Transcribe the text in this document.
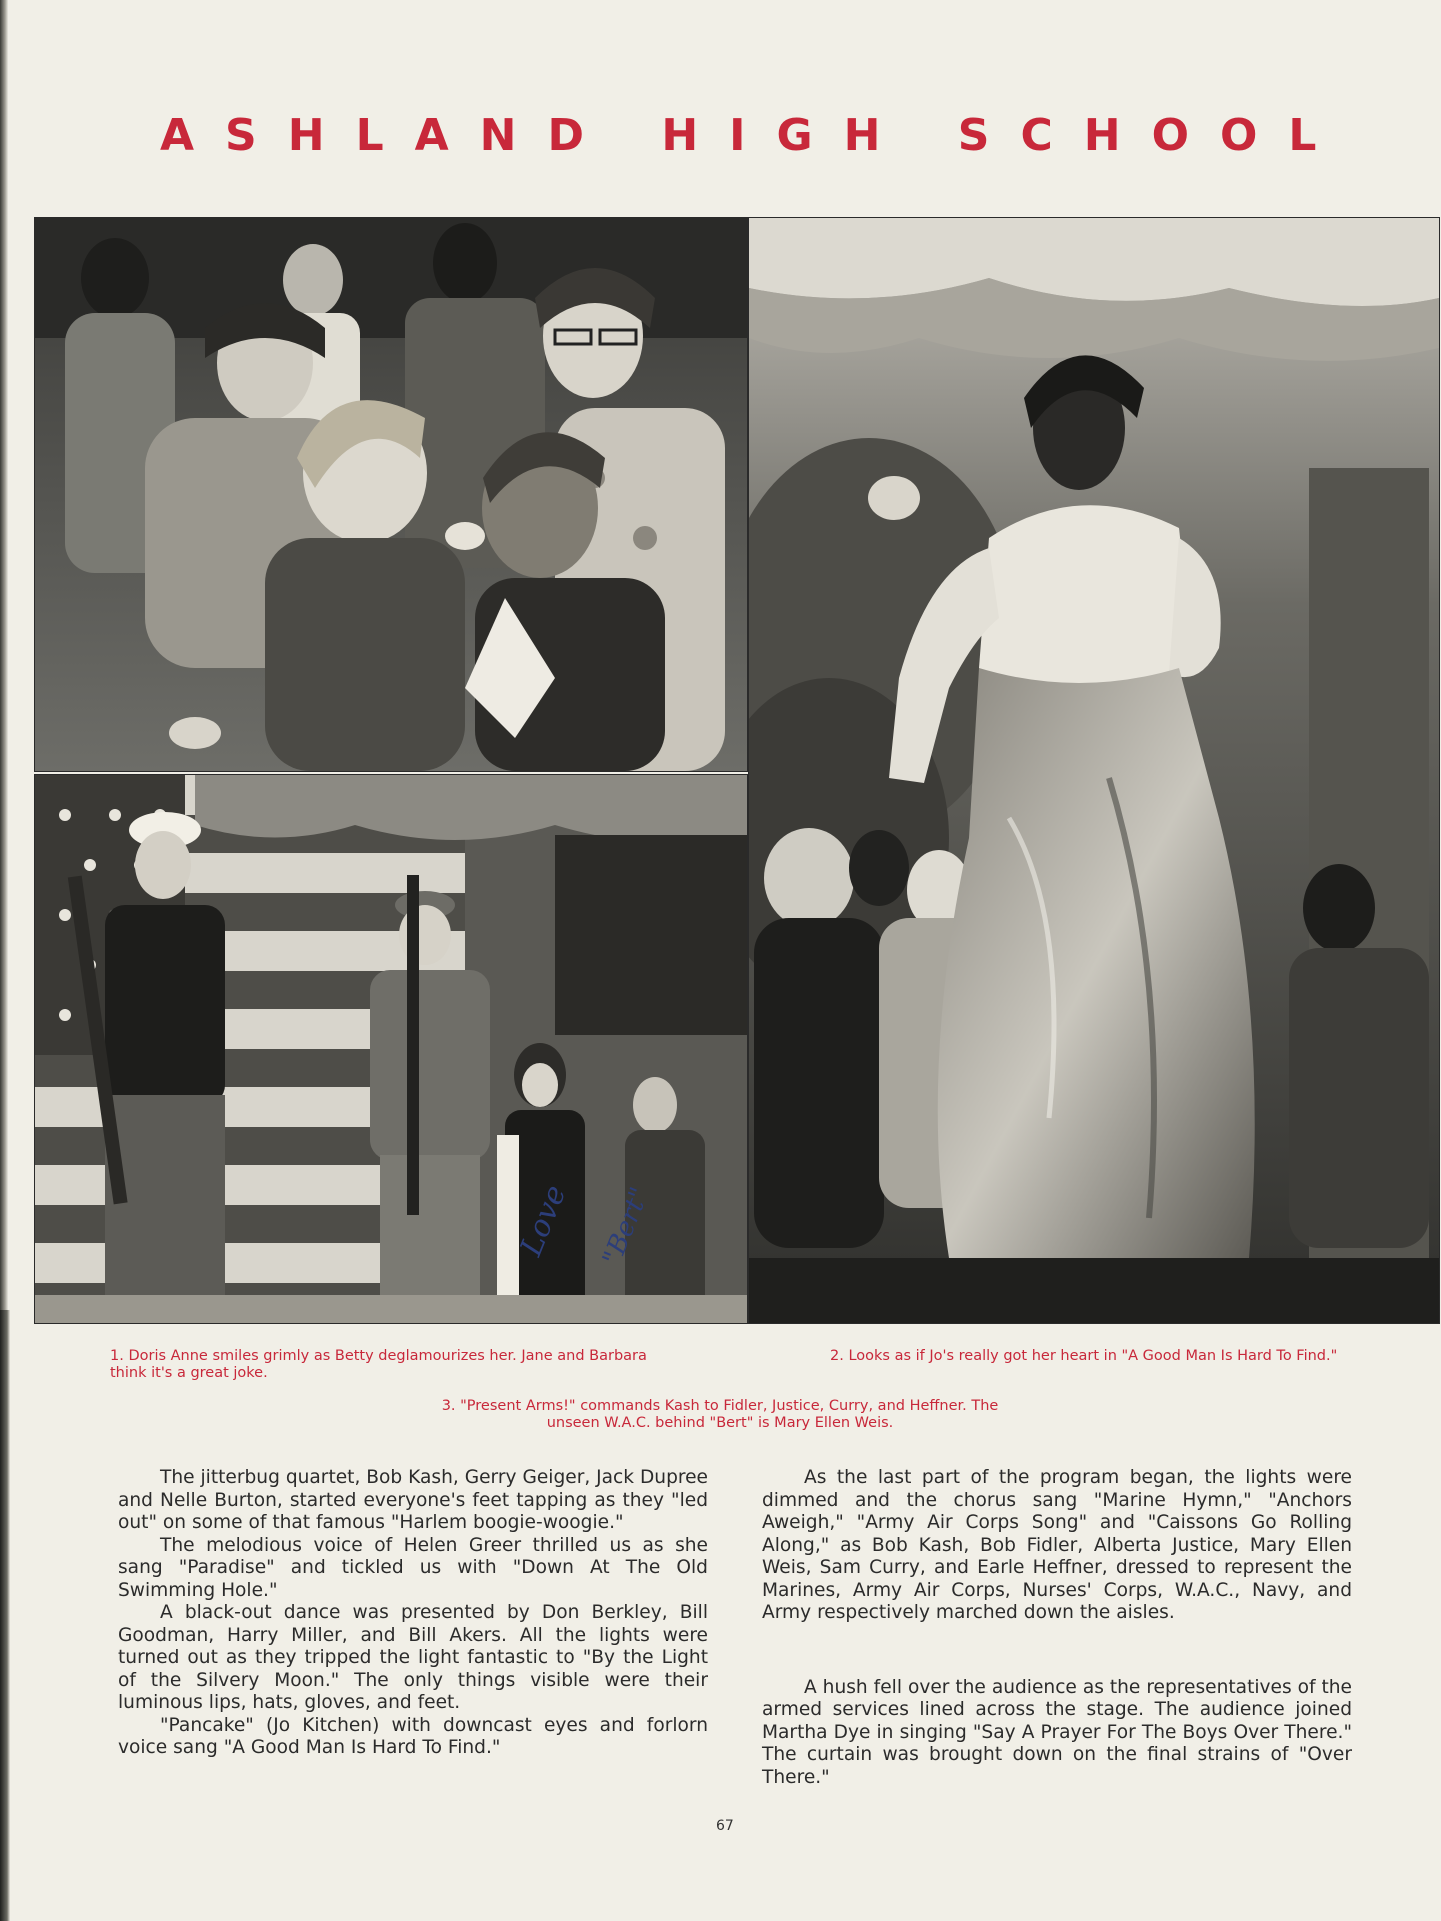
ASHLAND HIGH SCHOOL
Love "Bert"
1. Doris Anne smiles grimly as Betty deglamourizes her. Jane and Barbara think it's a great joke.
2. Looks as if Jo's really got her heart in "A Good Man Is Hard To Find."
3. "Present Arms!" commands Kash to Fidler, Justice, Curry, and Heffner. The unseen W.A.C. behind "Bert" is Mary Ellen Weis.

The jitterbug quartet, Bob Kash, Gerry Geiger, Jack Dupree and Nelle Burton, started everyone's feet tapping as they "led out" on some of that famous "Harlem boogie-woogie."

The melodious voice of Helen Greer thrilled us as she sang "Paradise" and tickled us with "Down At The Old Swimming Hole."

A black-out dance was presented by Don Berkley, Bill Goodman, Harry Miller, and Bill Akers. All the lights were turned out as they tripped the light fantastic to "By the Light of the Silvery Moon." The only things visible were their luminous lips, hats, gloves, and feet.

"Pancake" (Jo Kitchen) with downcast eyes and forlorn voice sang "A Good Man Is Hard To Find."

As the last part of the program began, the lights were dimmed and the chorus sang "Marine Hymn," "Anchors Aweigh," "Army Air Corps Song" and "Caissons Go Rolling Along," as Bob Kash, Bob Fidler, Alberta Justice, Mary Ellen Weis, Sam Curry, and Earle Heffner, dressed to represent the Marines, Army Air Corps, Nurses' Corps, W.A.C., Navy, and Army respectively marched down the aisles.

A hush fell over the audience as the representatives of the armed services lined across the stage. The audience joined Martha Dye in singing "Say A Prayer For The Boys Over There." The curtain was brought down on the final strains of "Over There."

67
